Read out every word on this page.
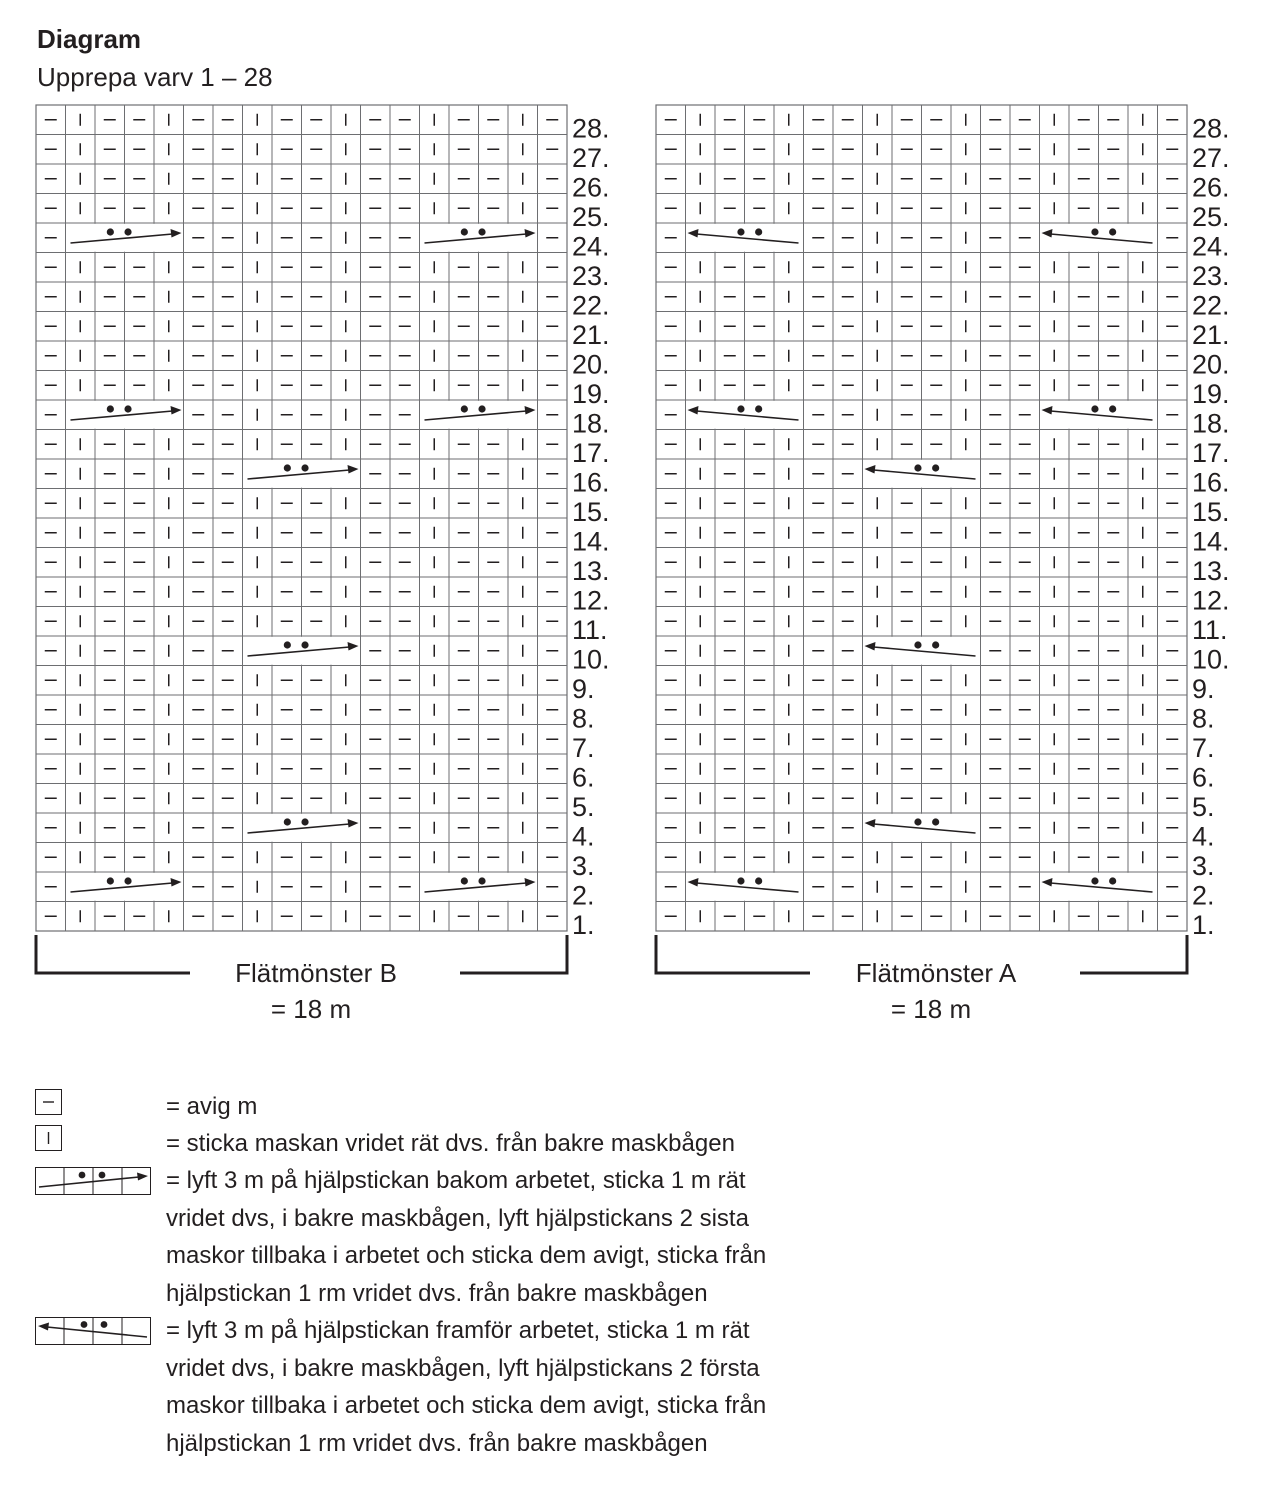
Diagram
Upprepa varv 1 – 28
1.
2.
3.
4.
5.
6.
7.
8.
9.
10.
11.
12.
13.
14.
15.
16.
17.
18.
19.
20.
21.
22.
23.
24.
25.
26.
27.
28.
Flätmönster B
= 18 m
1.
2.
3.
4.
5.
6.
7.
8.
9.
10.
11.
12.
13.
14.
15.
16.
17.
18.
19.
20.
21.
22.
23.
24.
25.
26.
27.
28.
Flätmönster A
= 18 m
= avig m
= sticka maskan vridet rät dvs. från bakre maskbågen
= lyft 3 m på hjälpstickan bakom arbetet, sticka 1 m rät
vridet dvs, i bakre maskbågen, lyft hjälpstickans 2 sista
maskor tillbaka i arbetet och sticka dem avigt, sticka från
hjälpstickan 1 rm vridet dvs. från bakre maskbågen
= lyft 3 m på hjälpstickan framför arbetet, sticka 1 m rät
vridet dvs, i bakre maskbågen, lyft hjälpstickans 2 första
maskor tillbaka i arbetet och sticka dem avigt, sticka från
hjälpstickan 1 rm vridet dvs. från bakre maskbågen
